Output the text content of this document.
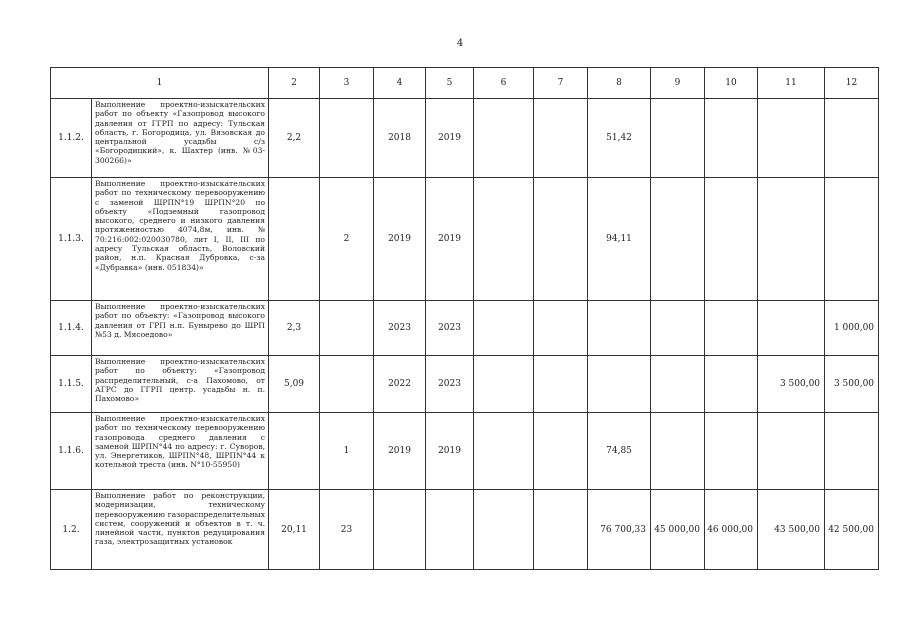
4
1		2	3	4	5	6	7	8	9	10	11	12
1.1.2.	Выполнение проектно-изыскательских работ по объекту «Газопровод высокого давления от ГГРП по адресу: Тульская область, г. Богородица, ул. Вязовская до центральной усадьбы с/з «Богородицкий», к. Шахтер (инв. №03-300266)»	2,2		2018	2019			51,42				
1.1.3.	Выполнение проектно-изыскательских работ по техническому перевооружению с заменой ШРПN°19 ШРПN°20 по объекту «Подземный газопровод высокого, среднего и низкого давления протяженностью 4074,8м, инв. № 70:216:002:020030780, лит I, II, III по адресу Тульская область, Воловский район, н.п. Красная Дубровка, с-за «Дубравка» (инв. 051834)»		2	2019	2019			94,11				
1.1.4.	Выполнение проектно-изыскательских работ по объекту: «Газопровод высокого давления от ГРП н.п. Бунырево до ШРП №53 д. Мясоедово»	2,3		2023	2023							1 000,00
1.1.5.	Выполнение проектно-изыскательских работ по объекту: «Газопровод распределительный, с-а Пахомово, от АГРС до ГГРП центр. усадьбы н. п. Пахомово»	5,09		2022	2023						3 500,00	3 500,00
1.1.6.	Выполнение проектно-изыскательских работ по техническому перевооружению газопровода среднего давления с заменой ШРПN°44 по адресу: г. Суворов, ул. Энергетиков, ШРПN°48, ШРПN°44 к котельной треста (инв. N°10-55950)		1	2019	2019			74,85				
1.2.	Выполнение работ по реконструкции, модернизации, техническому перевооружению газораспределительных систем, сооружений и объектов в т. ч. линейной части, пунктов редуцирования газа, электрозащитных установок	20,11	23					76 700,33	45 000,00	46 000,00	43 500,00	42 500,00
